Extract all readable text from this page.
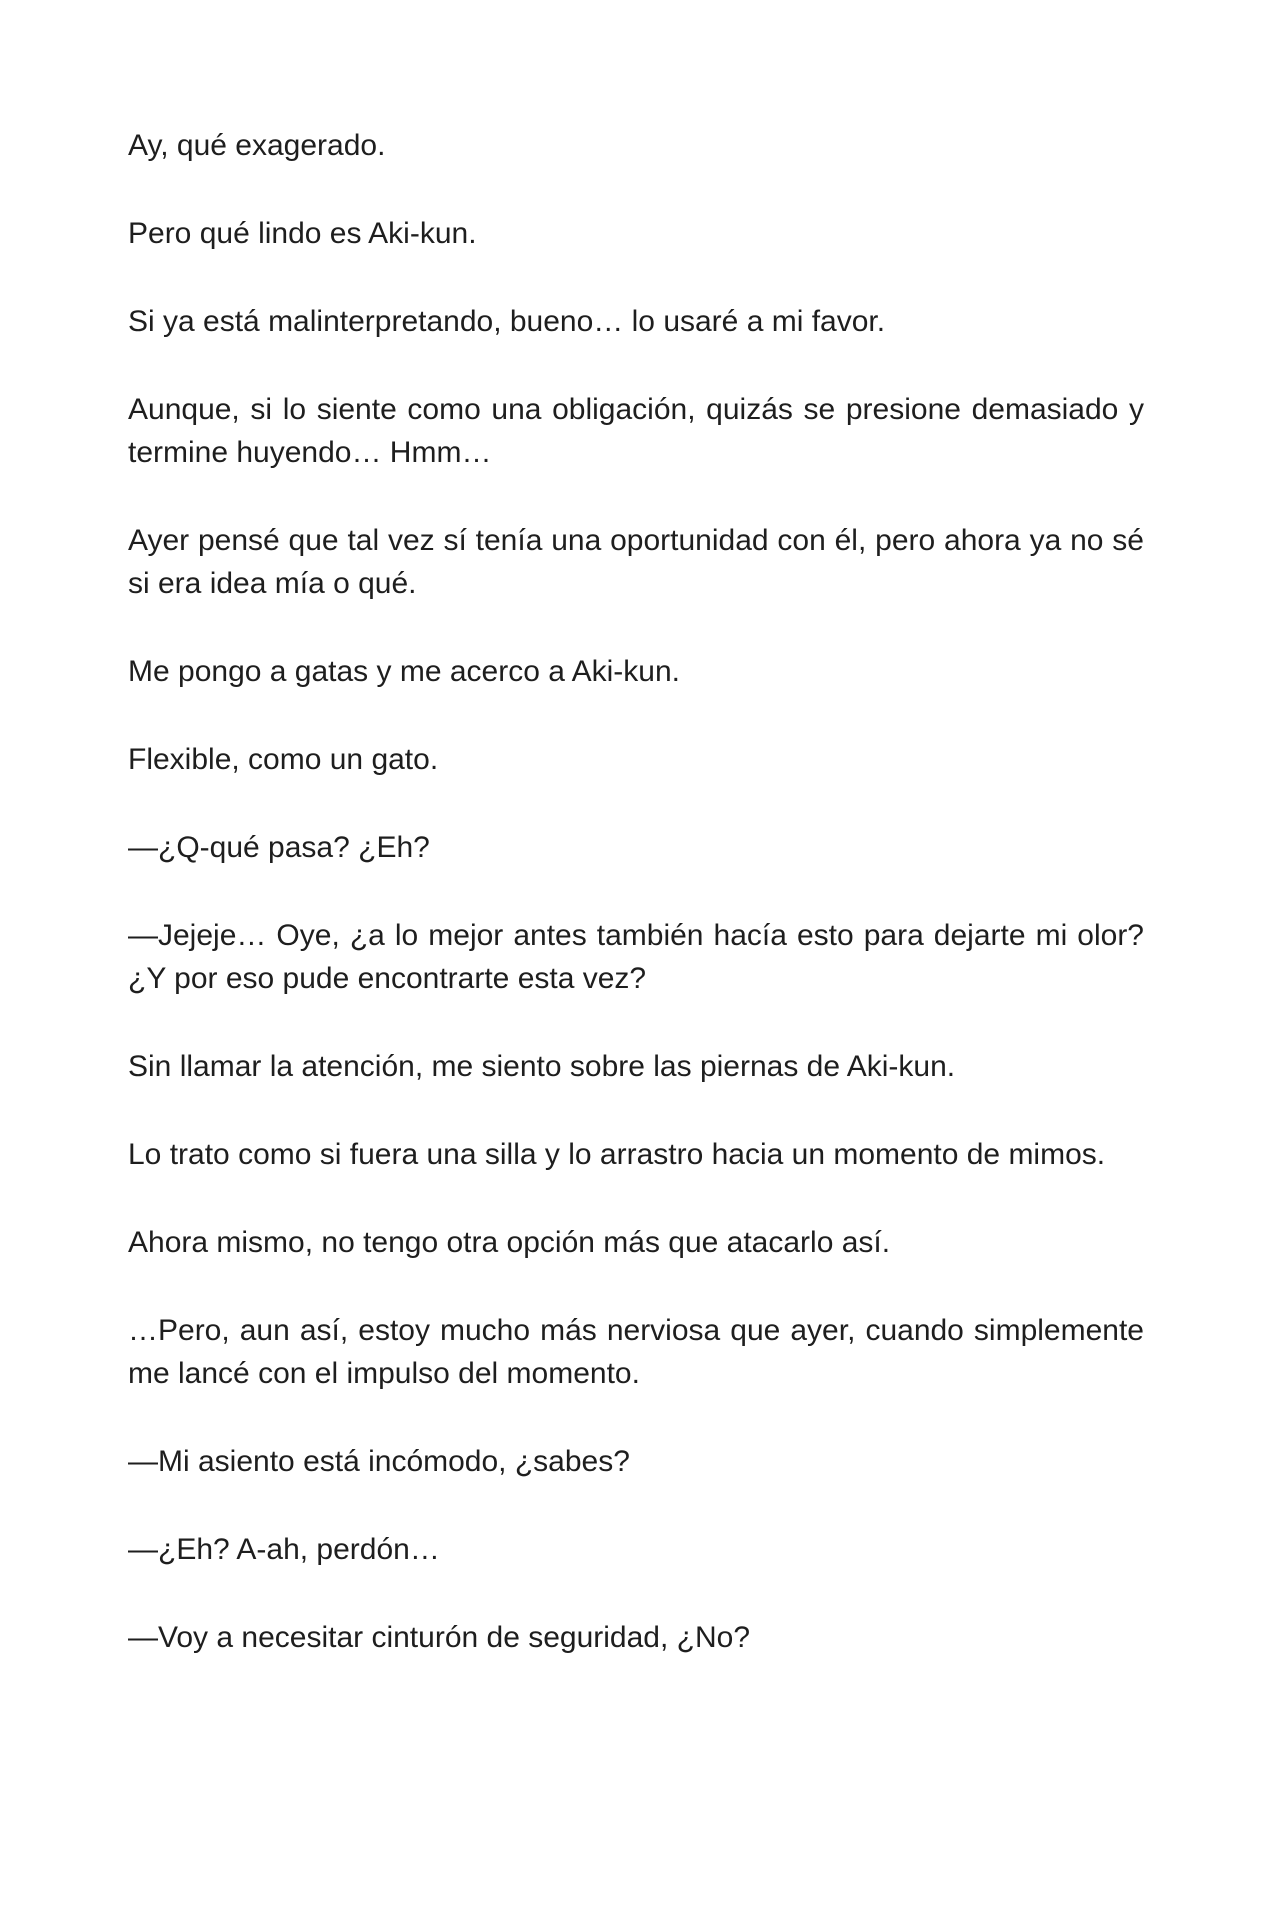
Ay, qué exagerado.

Pero qué lindo es Aki-kun.

Si ya está malinterpretando, bueno… lo usaré a mi favor.

Aunque, si lo siente como una obligación, quizás se presione demasiado y termine huyendo… Hmm…

Ayer pensé que tal vez sí tenía una oportunidad con él, pero ahora ya no sé si era idea mía o qué.

Me pongo a gatas y me acerco a Aki-kun.

Flexible, como un gato.

—¿Q-qué pasa? ¿Eh?

—Jejeje… Oye, ¿a lo mejor antes también hacía esto para dejarte mi olor? ¿Y por eso pude encontrarte esta vez?

Sin llamar la atención, me siento sobre las piernas de Aki-kun.

Lo trato como si fuera una silla y lo arrastro hacia un momento de mimos.

Ahora mismo, no tengo otra opción más que atacarlo así.

…Pero, aun así, estoy mucho más nerviosa que ayer, cuando simplemente me lancé con el impulso del momento.

—Mi asiento está incómodo, ¿sabes?

—¿Eh? A-ah, perdón…

—Voy a necesitar cinturón de seguridad, ¿No?
